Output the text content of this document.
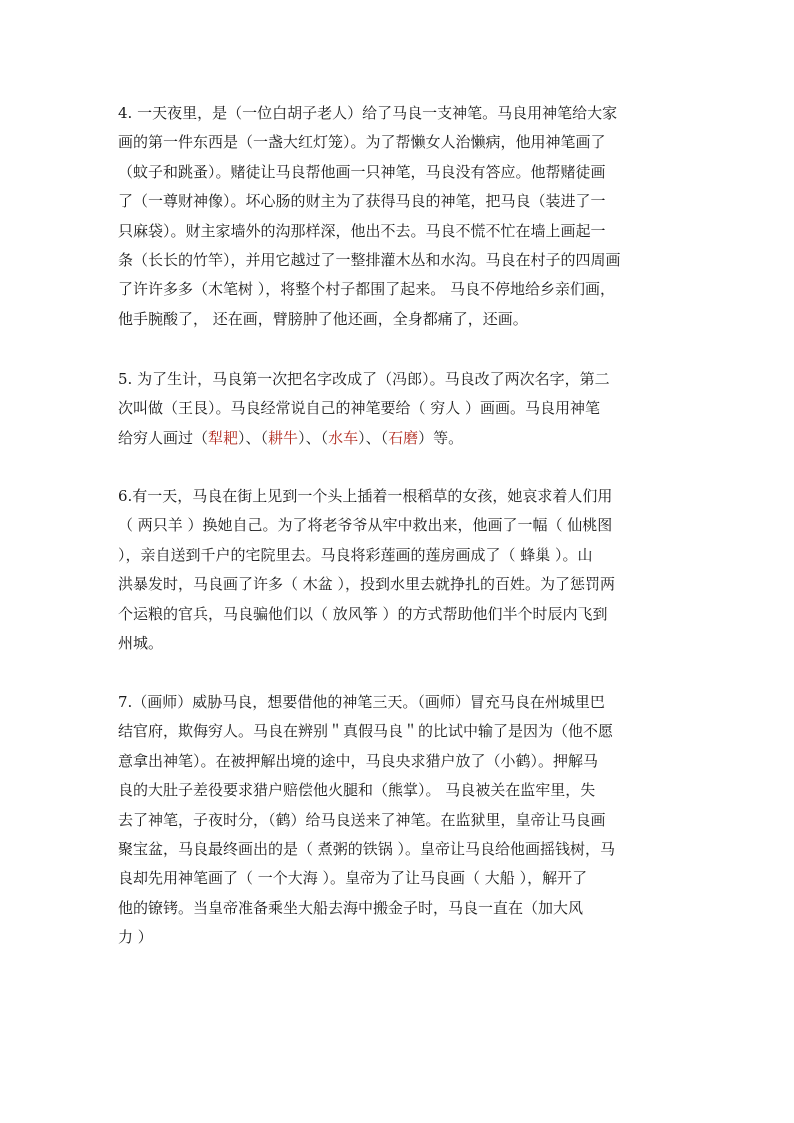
4. 一天夜里，是（一位白胡子老人）给了马良一支神笔。马良用神笔给大家
画的第一件东西是（一盏大红灯笼）。为了帮懒女人治懒病，他用神笔画了
（蚊子和跳蚤）。赌徒让马良帮他画一只神笔，马良没有答应。他帮赌徒画
了（一尊财神像）。坏心肠的财主为了获得马良的神笔，把马良（装进了一
只麻袋）。财主家墙外的沟那样深，他出不去。马良不慌不忙在墙上画起一
条（长长的竹竿），并用它越过了一整排灌木丛和水沟。马良在村子的四周画
了许许多多（木笔树 ），将整个村子都围了起来。 马良不停地给乡亲们画，
他手腕酸了， 还在画，臂膀肿了他还画，全身都痛了，还画。
5. 为了生计，马良第一次把名字改成了（冯郎）。马良改了两次名字，第二
次叫做（王艮）。马良经常说自己的神笔要给（ 穷人 ）画画。马良用神笔
给穷人画过（犁耙）、（耕牛）、（水车）、（石磨）等。
6.有一天，马良在街上见到一个头上插着一根稻草的女孩，她哀求着人们用
（ 两只羊 ）换她自己。为了将老爷爷从牢中救出来，他画了一幅（ 仙桃图
），亲自送到千户的宅院里去。马良将彩莲画的莲房画成了（ 蜂巢 ）。山
洪暴发时，马良画了许多（ 木盆 ），投到水里去就挣扎的百姓。为了惩罚两
个运粮的官兵，马良骗他们以（ 放风筝 ）的方式帮助他们半个时辰内飞到
州城。
7.（画师）威胁马良，想要借他的神笔三天。（画师）冒充马良在州城里巴
结官府，欺侮穷人。马良在辨别＂真假马良＂的比试中输了是因为（他不愿
意拿出神笔）。在被押解出境的途中，马良央求猎户放了（小鹤）。押解马
良的大肚子差役要求猎户赔偿他火腿和（熊掌）。 马良被关在监牢里，失
去了神笔，子夜时分，（鹤）给马良送来了神笔。在监狱里，皇帝让马良画
聚宝盆，马良最终画出的是（ 煮粥的铁锅 ）。皇帝让马良给他画摇钱树，马
良却先用神笔画了（ 一个大海 ）。皇帝为了让马良画（ 大船 ），解开了
他的镣铐。当皇帝准备乘坐大船去海中搬金子时，马良一直在（加大风
力 ）
